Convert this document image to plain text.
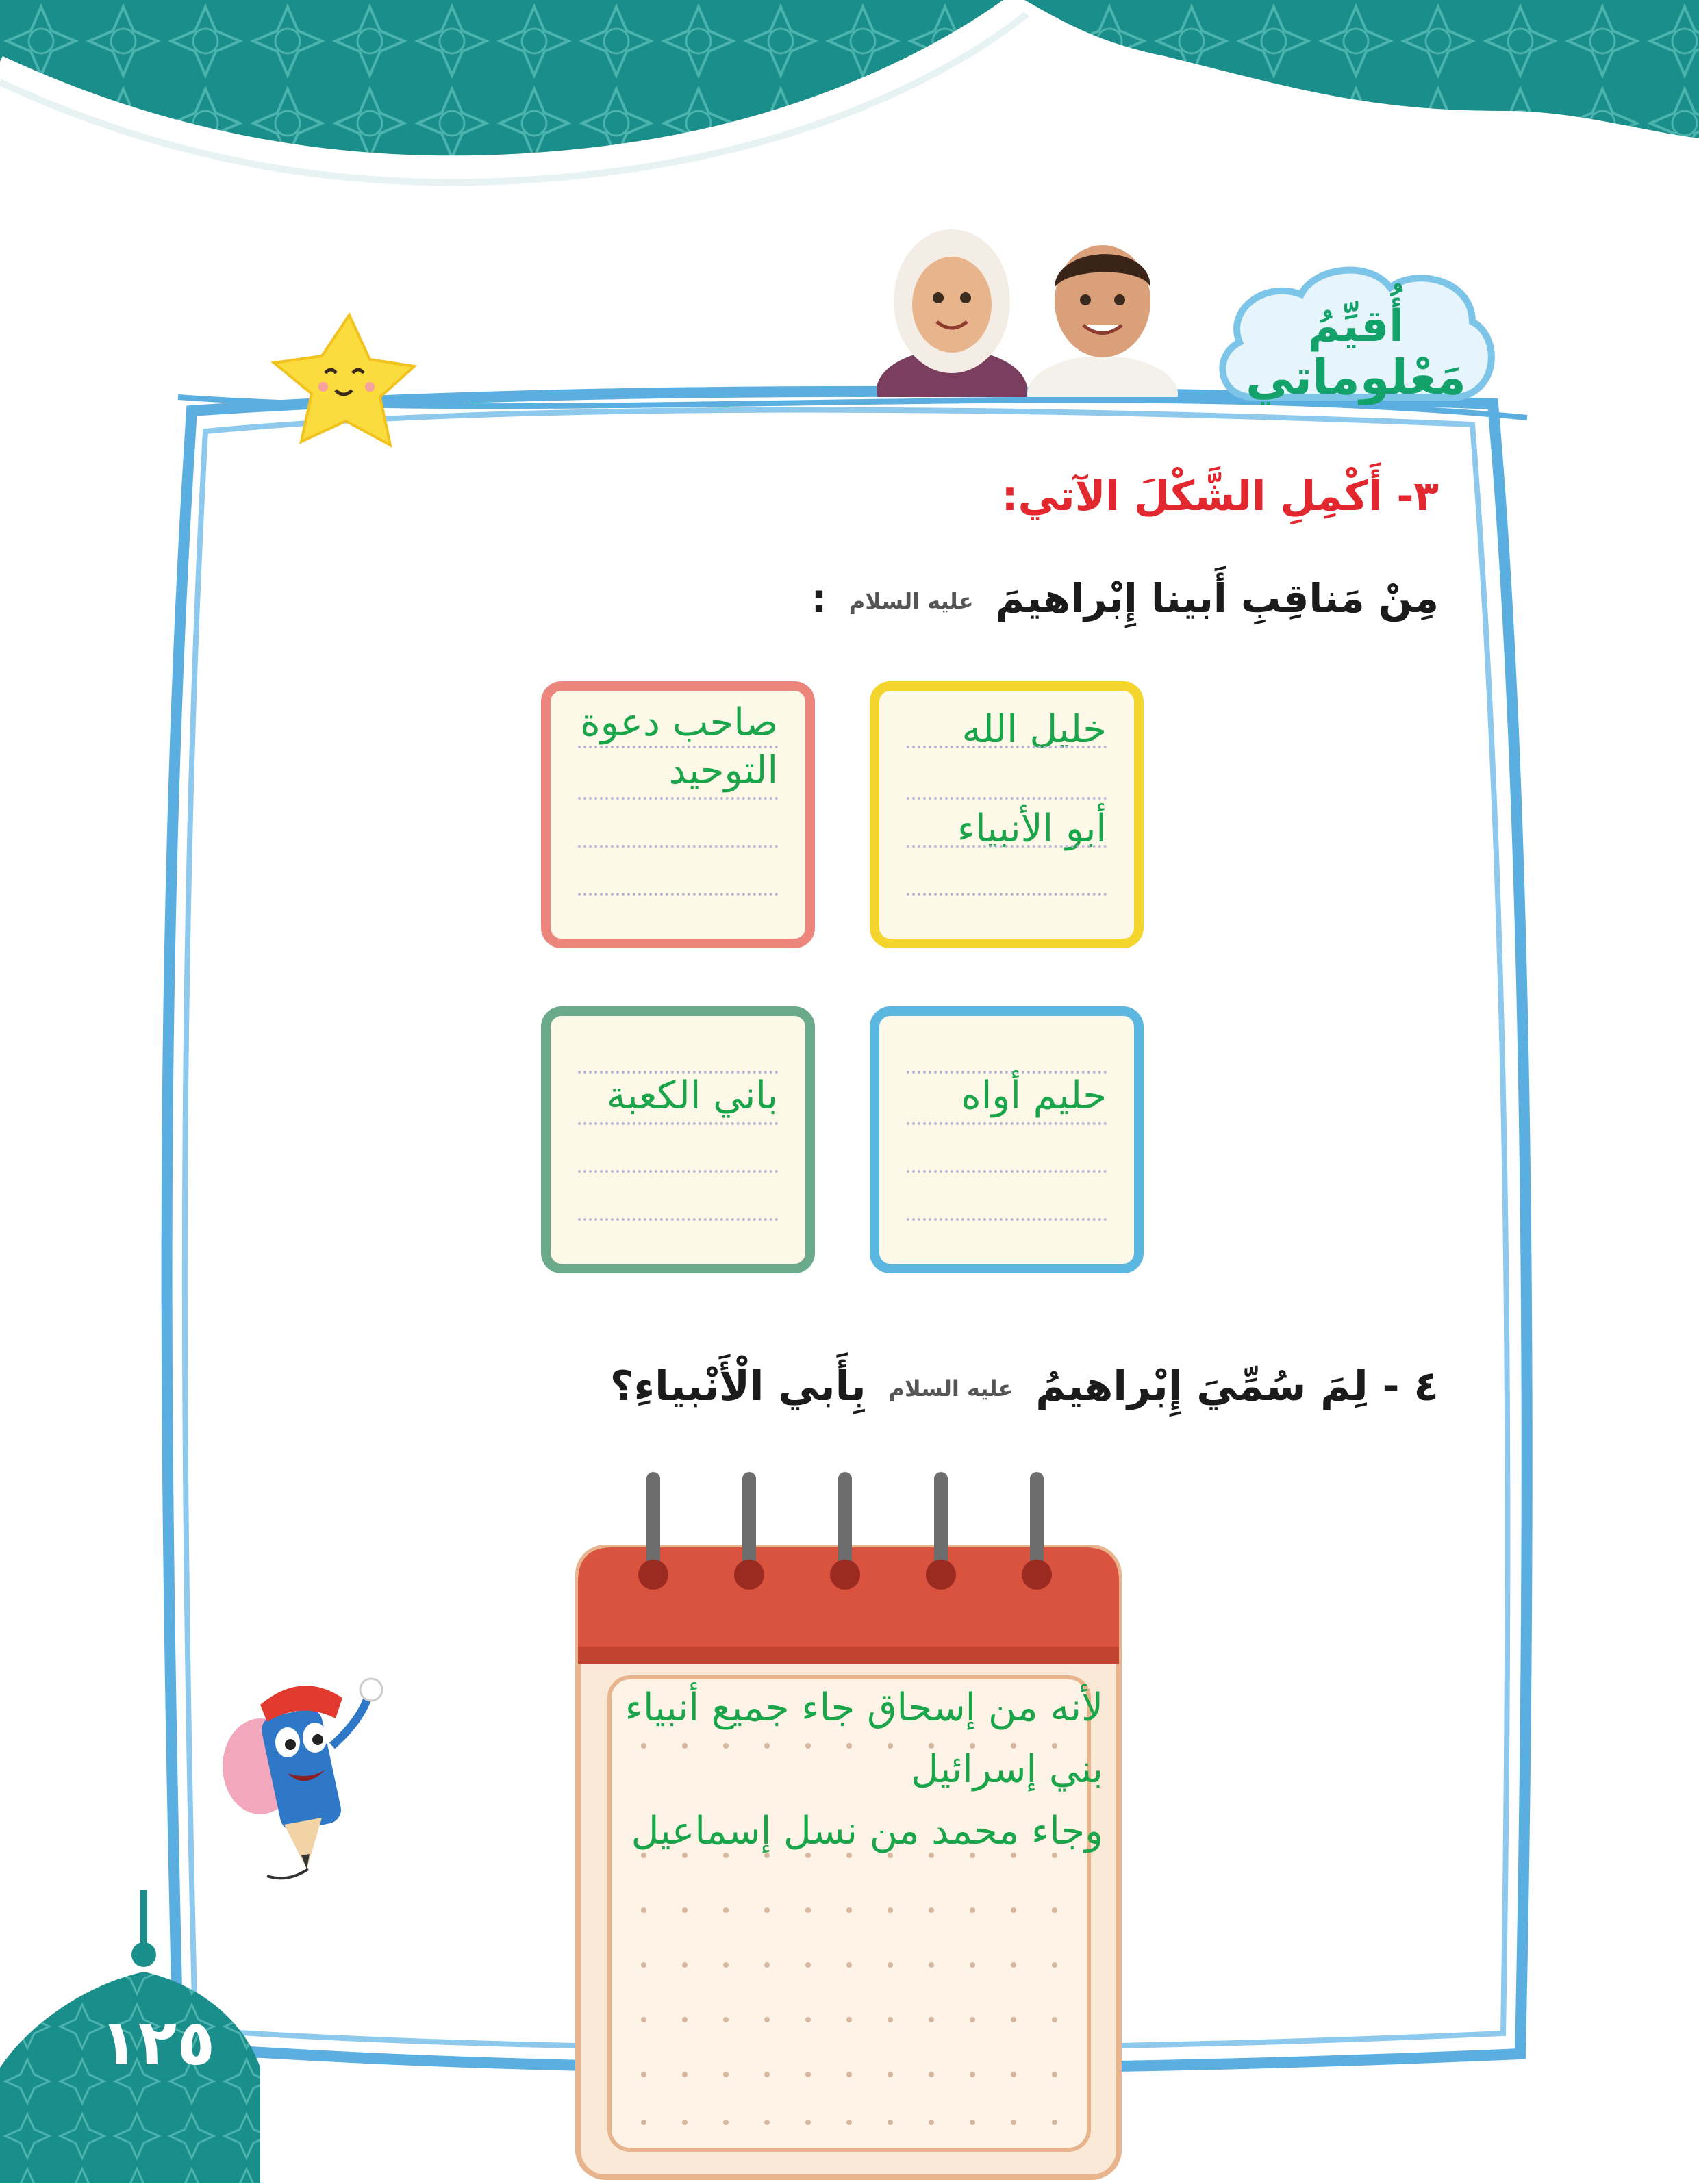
١٢٥
أُقيِّمُ
مَعْلوماتي
٣- أَكْمِلِ الشَّكْلَ الآتي:
مِنْ مَناقِبِ أَبينا إِبْراهيمَ عليه السلام :
خليل الله
أبو الأنبياء
صاحب دعوة
التوحيد
حليم أواه
باني الكعبة
٤ - لِمَ سُمِّيَ إِبْراهيمُ عليه السلام بِأَبي الْأَنْبياءِ؟
لأنه من إسحاق جاء جميع أنبياء
بني إسرائيل
وجاء محمد من نسل إسماعيل
